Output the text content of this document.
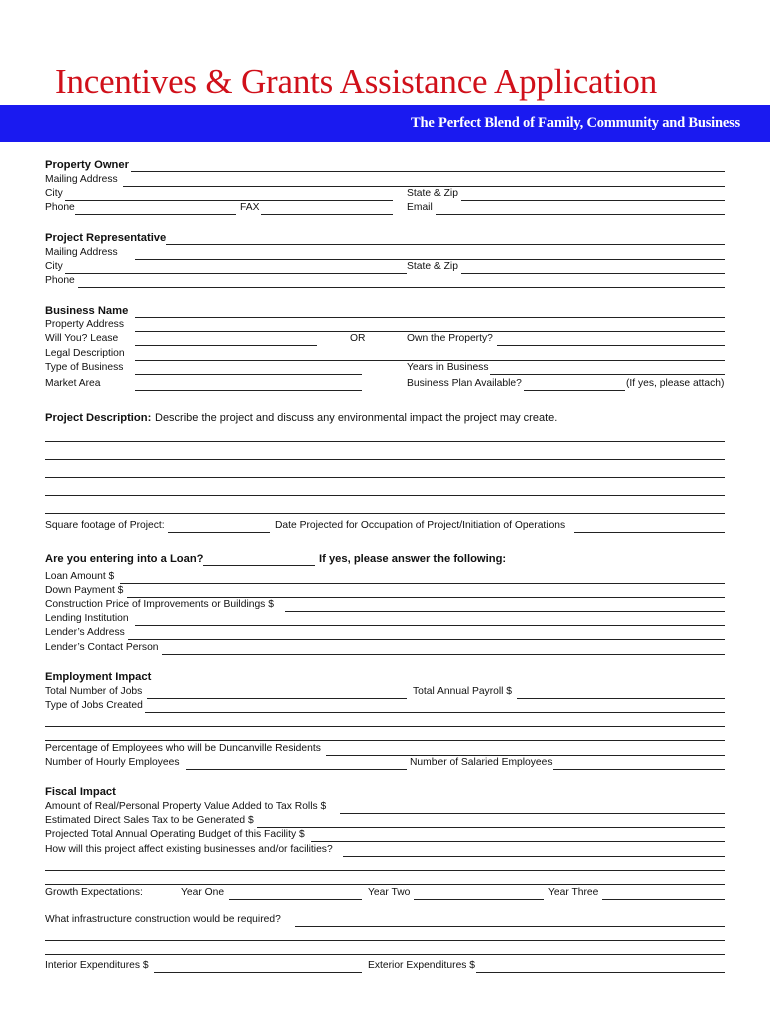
Incentives & Grants Assistance Application
The Perfect Blend of Family, Community and Business
Property Owner
Mailing Address
City	State & Zip
Phone	FAX	Email
Project Representative
Mailing Address
City	State & Zip
Phone
Business Name
Property Address
Will You? Lease	OR	Own the Property?
Legal Description
Type of Business	Years in Business
Market Area	Business Plan Available?	(If yes, please attach)
Project Description: Describe the project and discuss any environmental impact the project may create.
Square footage of Project:	Date Projected for Occupation of Project/Initiation of Operations
Are you entering into a Loan?	If yes, please answer the following:
Loan Amount $
Down Payment $
Construction Price of Improvements or Buildings $
Lending Institution
Lender’s Address
Lender’s Contact Person
Employment Impact
Total Number of Jobs	Total Annual Payroll $
Type of Jobs Created
Percentage of Employees who will be Duncanville Residents
Number of Hourly Employees	Number of Salaried Employees
Fiscal Impact
Amount of Real/Personal Property Value Added to Tax Rolls $
Estimated Direct Sales Tax to be Generated $
Projected Total Annual Operating Budget of this Facility $
How will this project affect existing businesses and/or facilities?
Growth Expectations:	Year One	Year Two	Year Three
What infrastructure construction would be required?
Interior Expenditures $	Exterior Expenditures $
